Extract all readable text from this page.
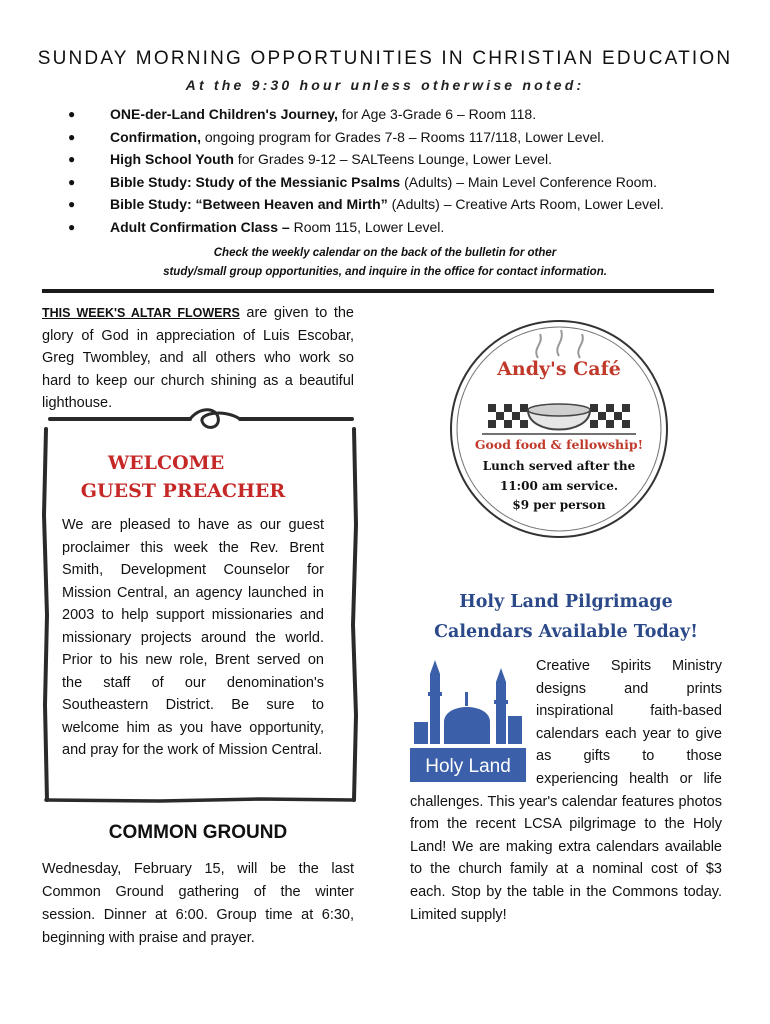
SUNDAY MORNING OPPORTUNITIES IN CHRISTIAN EDUCATION
At the 9:30 hour unless otherwise noted:
● ONE-der-Land Children's Journey, for Age 3-Grade 6 – Room 118.
● Confirmation, ongoing program for Grades 7-8 – Rooms 117/118, Lower Level.
● High School Youth for Grades 9-12 – SALTeens Lounge, Lower Level.
● Bible Study: Study of the Messianic Psalms (Adults) – Main Level Conference Room.
● Bible Study: “Between Heaven and Mirth” (Adults) – Creative Arts Room, Lower Level.
● Adult Confirmation Class – Room 115, Lower Level.
Check the weekly calendar on the back of the bulletin for other
study/small group opportunities, and inquire in the office for contact information.
THIS WEEK'S ALTAR FLOWERS are given to the glory of God in appreciation of Luis Escobar, Greg Twombley, and all others who work so hard to keep our church shining as a beautiful lighthouse.
WELCOME
GUEST PREACHER
We are pleased to have as our guest proclaimer this week the Rev. Brent Smith, Development Counselor for Mission Central, an agency launched in 2003 to help support missionaries and missionary projects around the world. Prior to his new role, Brent served on the staff of our denomination's Southeastern District. Be sure to welcome him as you have opportunity, and pray for the work of Mission Central.
COMMON GROUND
Wednesday, February 15, will be the last Common Ground gathering of the winter session. Dinner at 6:00. Group time at 6:30, beginning with praise and prayer.
Andy's Café
Good food & fellowship!
Lunch served after the
11:00 am service.
$9 per person
Holy Land Pilgrimage
Calendars Available Today!
Holy Land
Creative Spirits Ministry designs and prints inspirational faith-based calendars each year to give as gifts to those experiencing health or life challenges. This year's calendar features photos from the recent LCSA pilgrimage to the Holy Land! We are making extra calendars available to the church family at a nominal cost of $3 each. Stop by the table in the Commons today. Limited supply!
